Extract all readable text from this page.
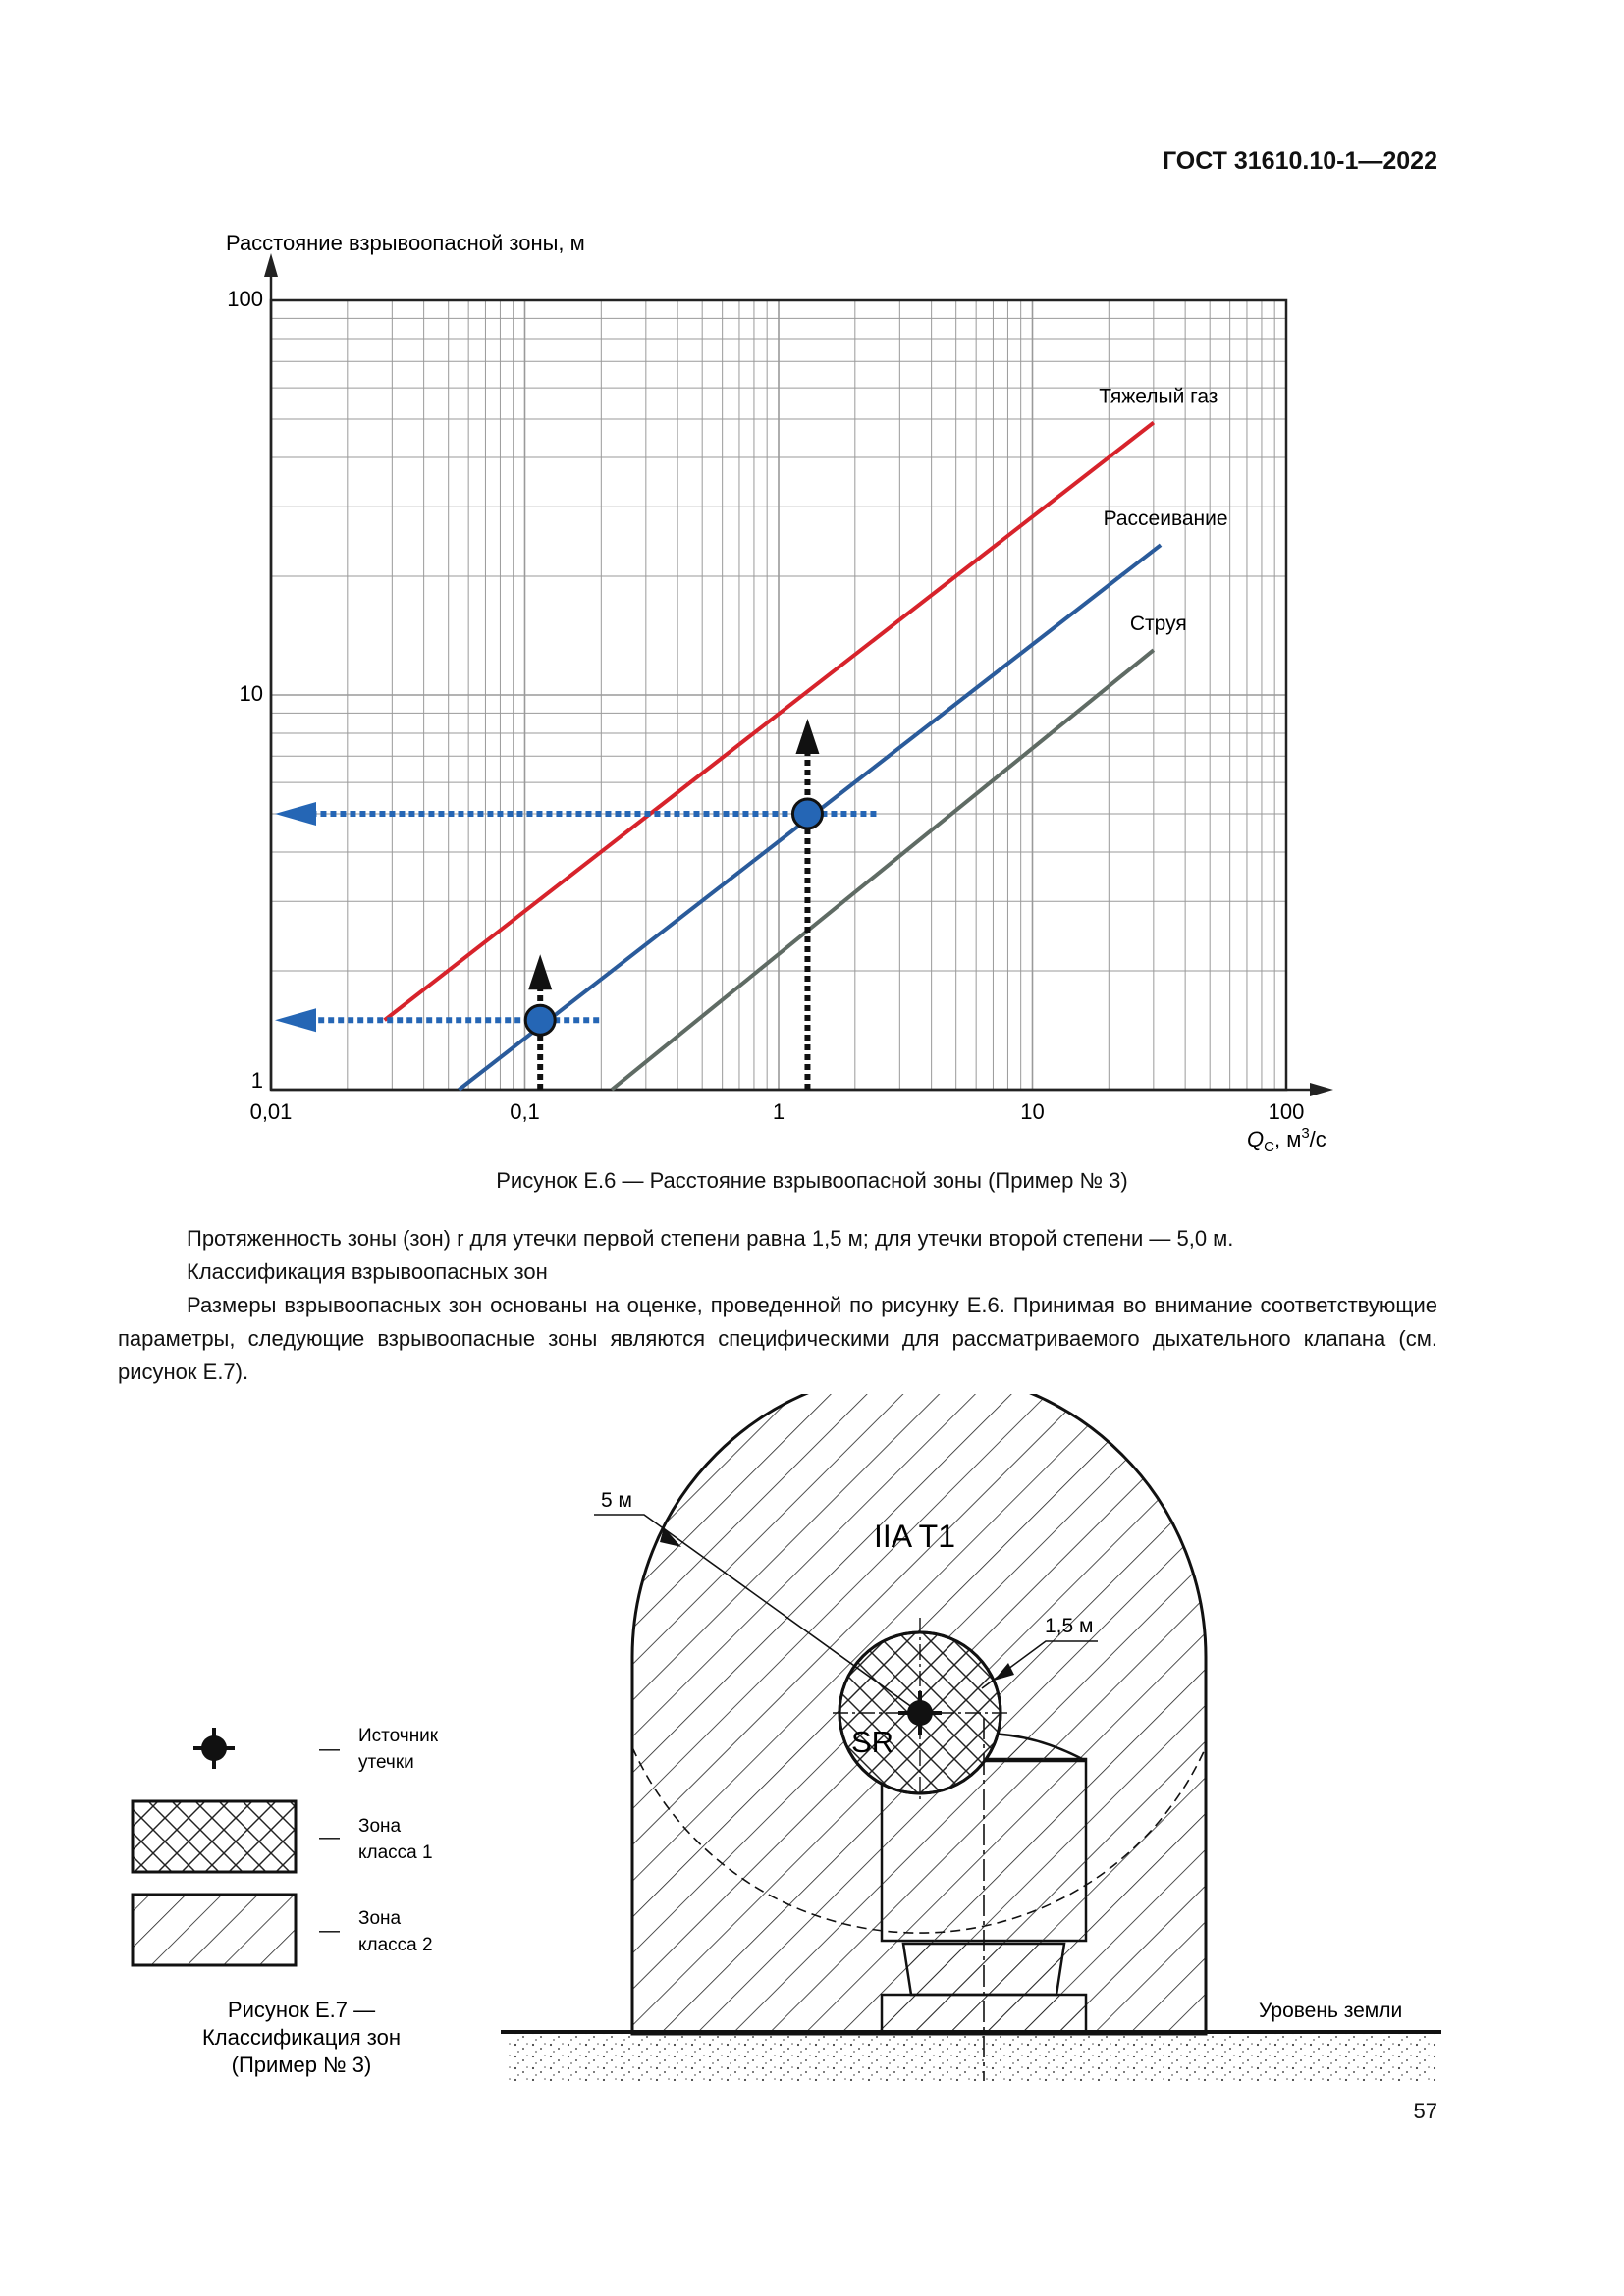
ГОСТ 31610.10-1—2022
Расстояние взрывоопасной зоны, м
$Q_C$, $м^3/с$
0,01	0,1	1	10	100
1
10
100
Тяжелый газ
Рассеивание
Струя
Рисунок Е.6 — Расстояние взрывоопасной зоны (Пример № 3)
Протяженность зоны (зон) r для утечки первой степени равна 1,5 м; для утечки второй степени — 5,0 м.
Классификация взрывоопасных зон
Размеры взрывоопасных зон основаны на оценке, проведенной по рисунку Е.6. Принимая во внимание соответствующие параметры, следующие взрывоопасные зоны являются специфическими для рассматриваемого дыхательного клапана (см. рисунок Е.7).
5 м
1,5 м
IIA T1
SR
Уровень земли
—
Источник
утечки
— Зона
класса 1
—
Зона
класса 2
Рисунок Е.7 —
Классификация зон
(Пример № 3)
57
